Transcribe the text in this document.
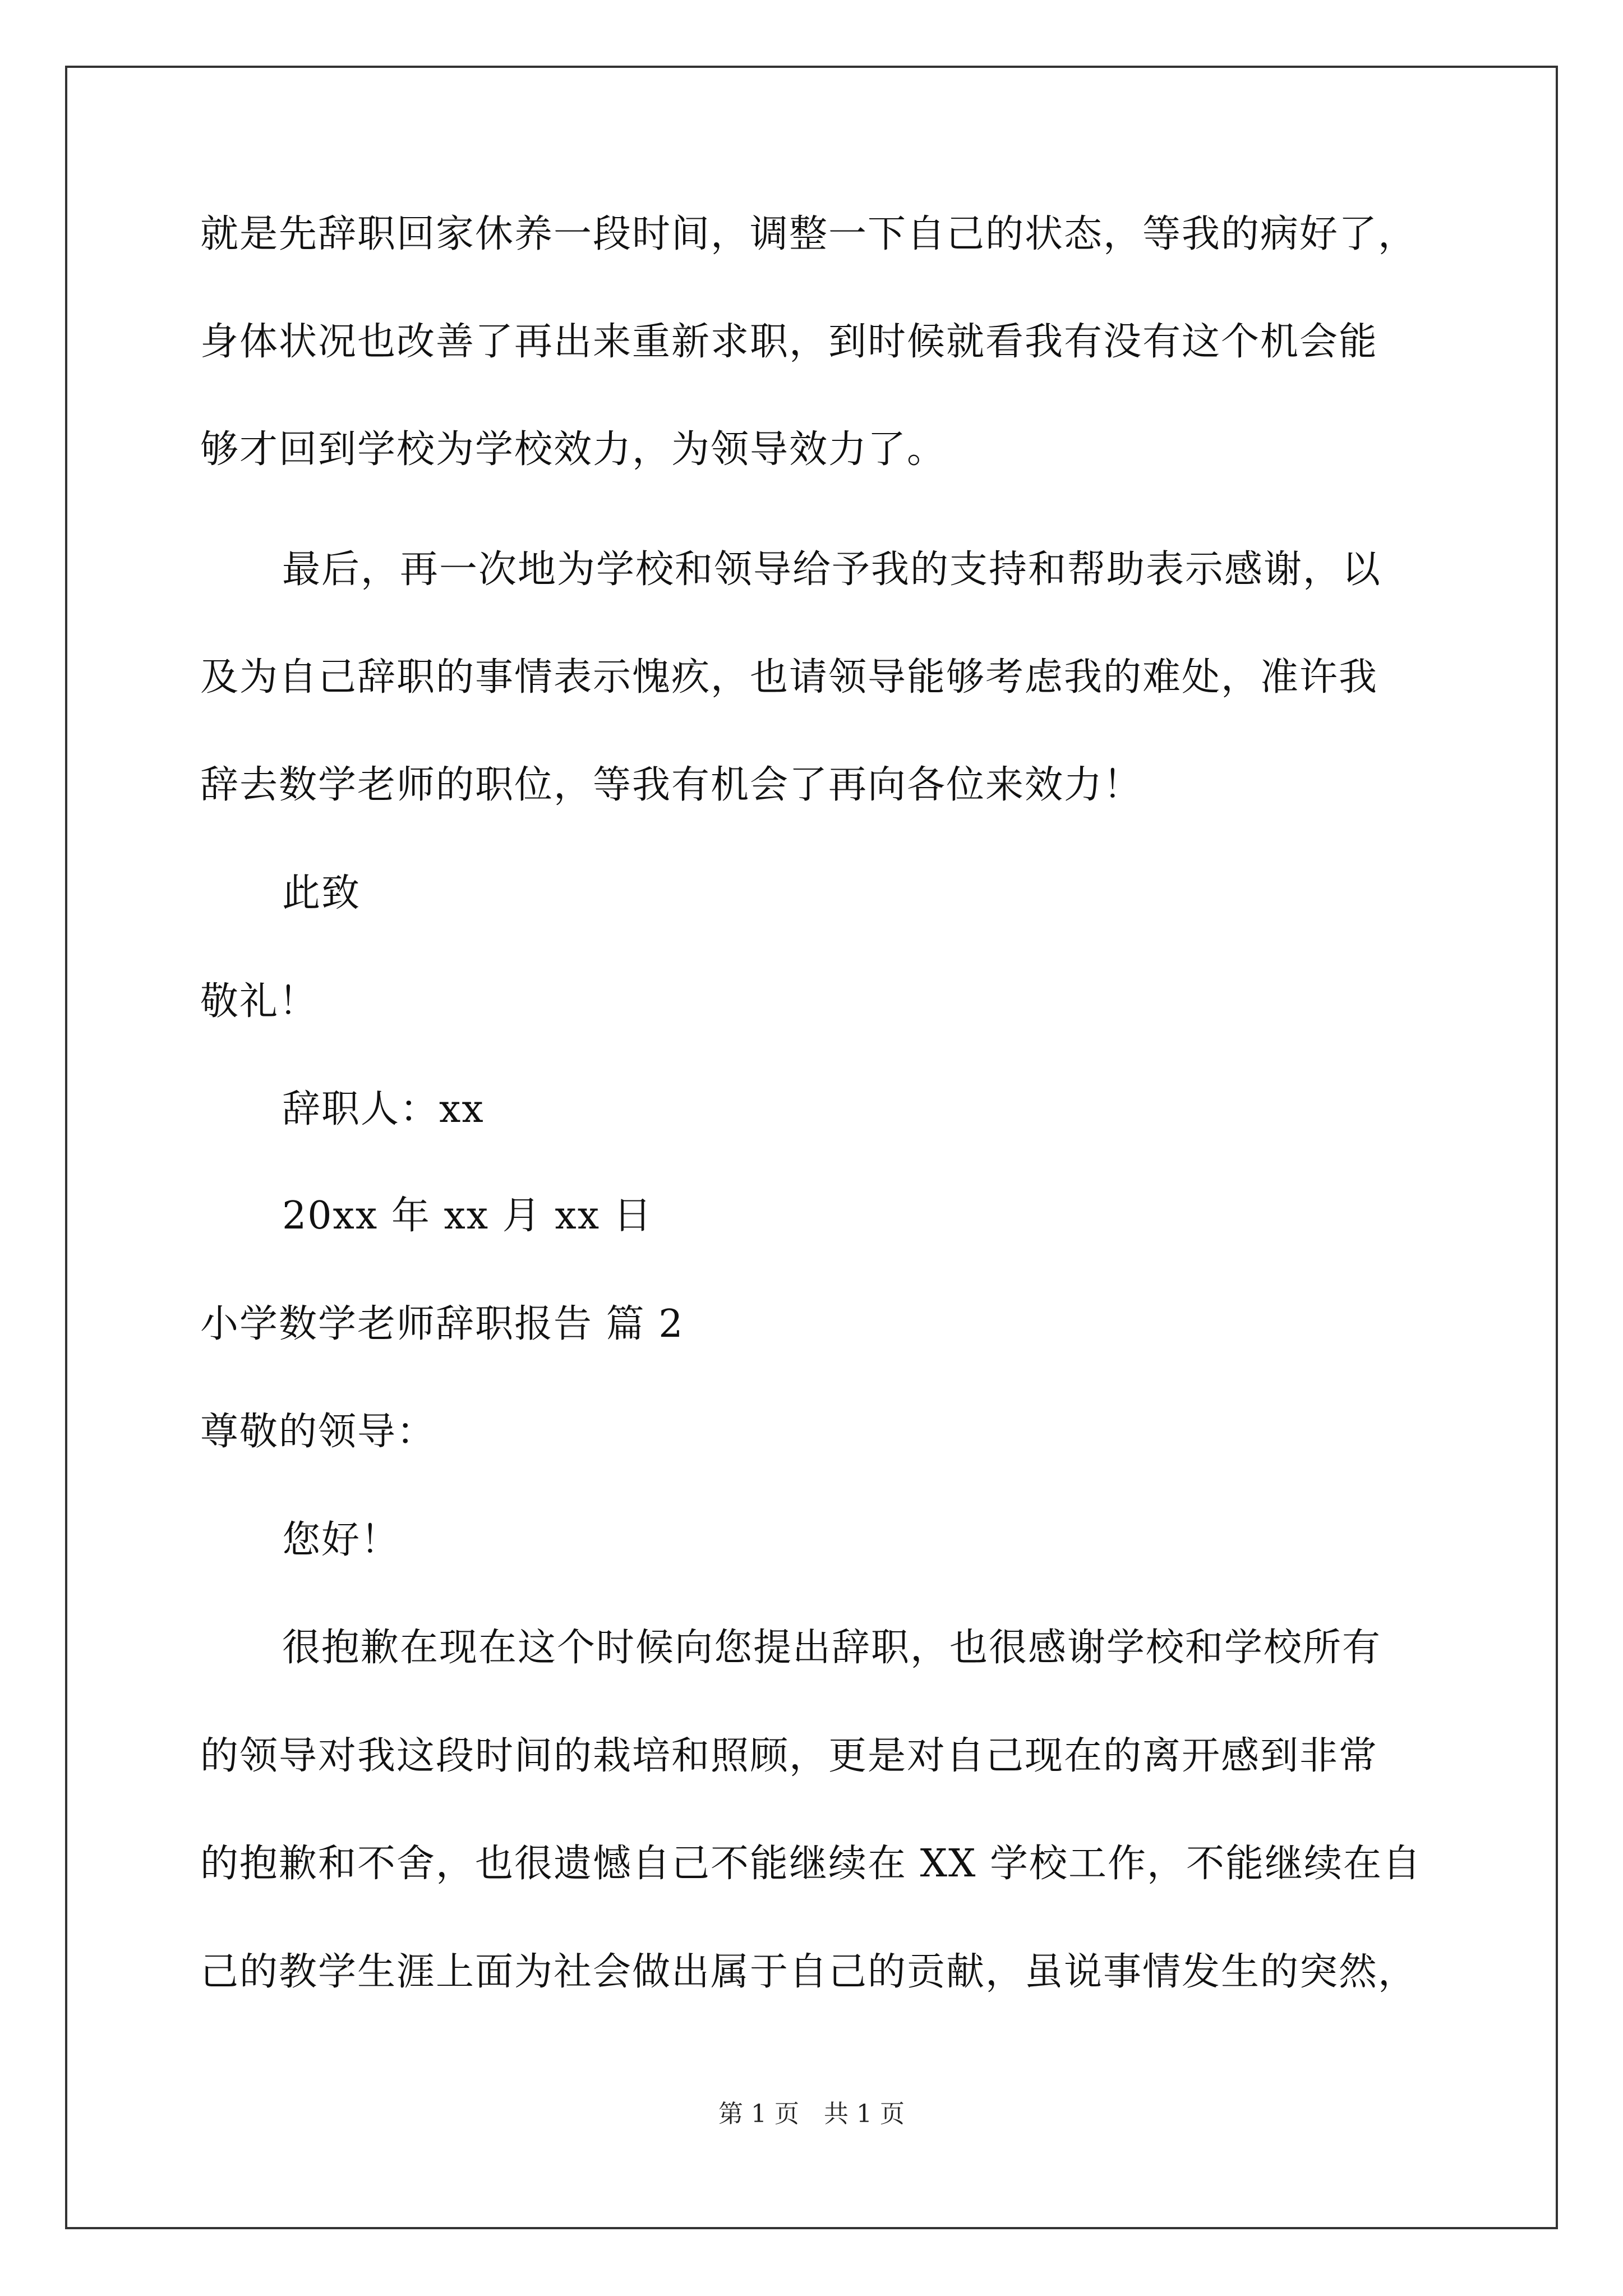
就是先辞职回家休养一段时间，调整一下自己的状态，等我的病好了，
身体状况也改善了再出来重新求职，到时候就看我有没有这个机会能
够才回到学校为学校效力，为领导效力了。
最后，再一次地为学校和领导给予我的支持和帮助表示感谢，以
及为自己辞职的事情表示愧疚，也请领导能够考虑我的难处，准许我
辞去数学老师的职位，等我有机会了再向各位来效力！
此致
敬礼！
辞职人：xx
20xx 年 xx 月 xx 日
小学数学老师辞职报告 篇 2
尊敬的领导：
您好！
很抱歉在现在这个时候向您提出辞职，也很感谢学校和学校所有
的领导对我这段时间的栽培和照顾，更是对自己现在的离开感到非常
的抱歉和不舍，也很遗憾自己不能继续在 XX 学校工作，不能继续在自
己的教学生涯上面为社会做出属于自己的贡献，虽说事情发生的突然，
第 1 页 共 1 页
